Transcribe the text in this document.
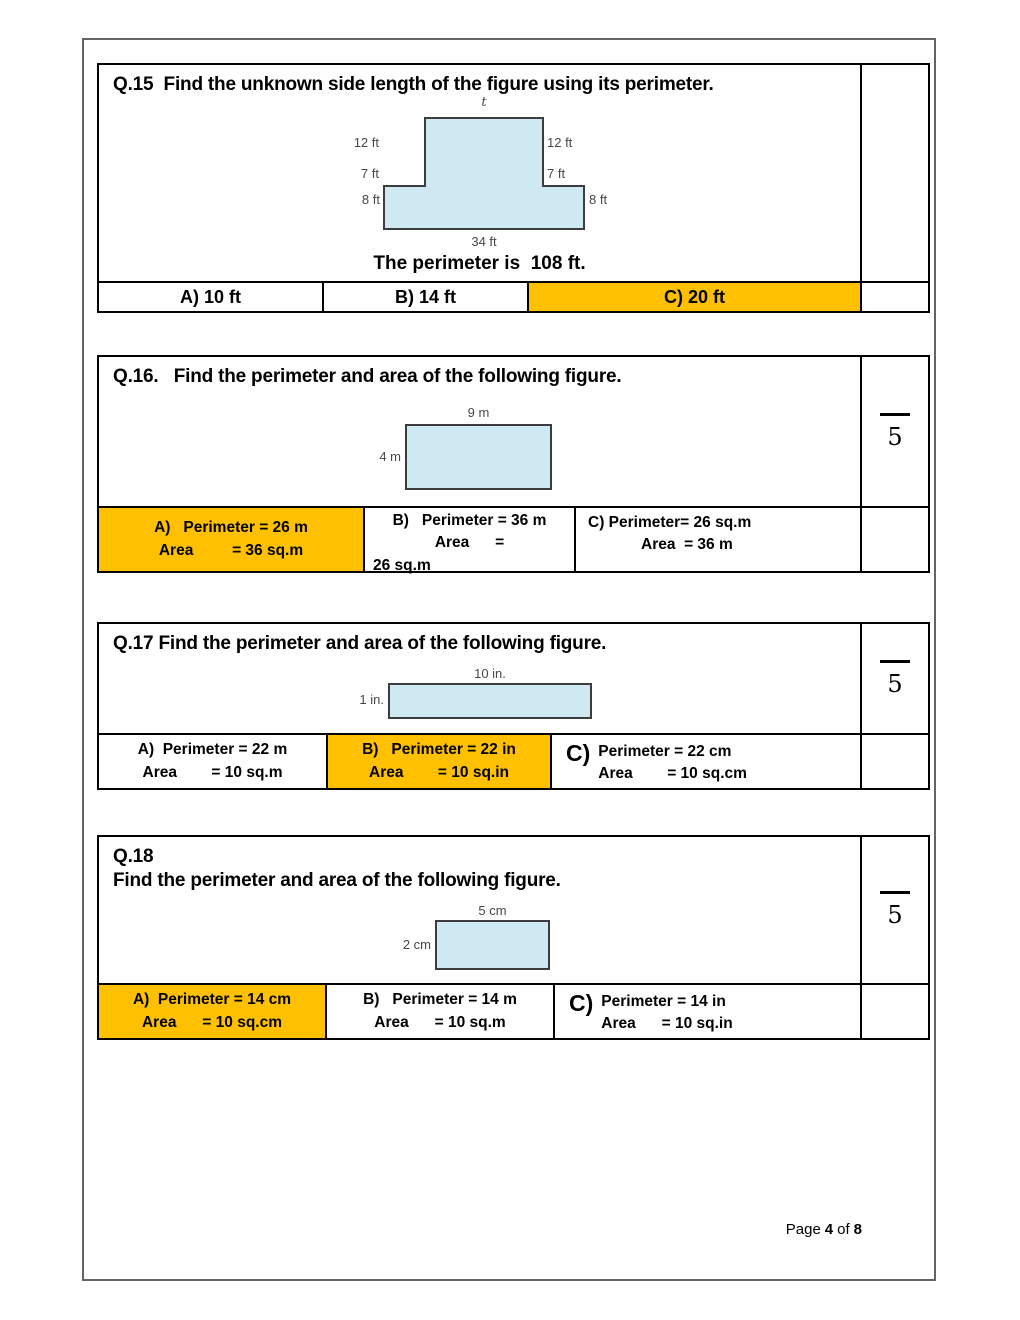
Q.15  Find the unknown side length of the figure using its perimeter.
t
12 ft	12 ft
7 ft	7 ft
8 ft	8 ft
34 ft
The perimeter is  108 ft.
A) 10 ft	B) 14 ft	C) 20 ft
Q.16.   Find the perimeter and area of the following figure.
9 m
4 m
5
A)   Perimeter = 26 m
Area         = 36 sq.m
B)   Perimeter = 36 m
Area      =
26 sq.m
C) Perimeter= 26 sq.m
Area  = 36 m
Q.17 Find the perimeter and area of the following figure.
10 in.
1 in.
5
A)  Perimeter = 22 m
Area        = 10 sq.m
B)   Perimeter = 22 in
Area        = 10 sq.in
C) Perimeter = 22 cm
Area        = 10 sq.cm
Q.18
Find the perimeter and area of the following figure.
5 cm
2 cm
5
A)  Perimeter = 14 cm
Area      = 10 sq.cm
B)   Perimeter = 14 m
Area      = 10 sq.m
C) Perimeter = 14 in
Area      = 10 sq.in
Page 4 of 8
